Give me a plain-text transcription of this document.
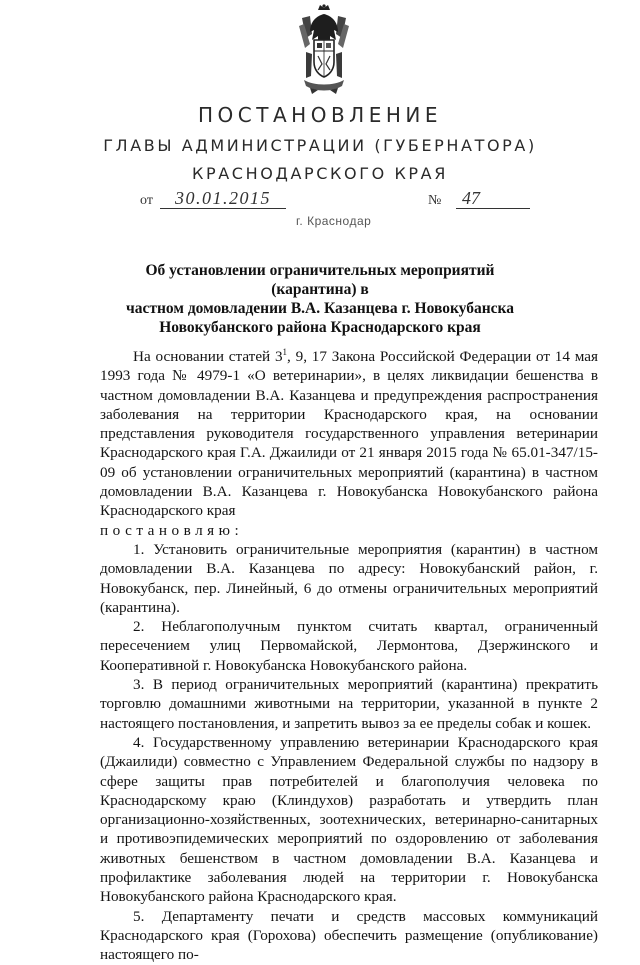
ПОСТАНОВЛЕНИЕ
ГЛАВЫ АДМИНИСТРАЦИИ (ГУБЕРНАТОРА)
КРАСНОДАРСКОГО КРАЯ
от	30.01.2015	№	47
г. Краснодар
Об установлении ограничительных мероприятий (карантина) в
частном домовладении В.А. Казанцева г. Новокубанска
Новокубанского района Краснодарского края

На основании статей $3^1$, 9, 17 Закона Российской Федерации от 14 мая 1993 года № 4979-1 «О ветеринарии», в целях ликвидации бешенства в частном домовладении В.А. Казанцева и предупреждения распространения заболевания на территории Краснодарского края, на основании представления руководителя государственного управления ветеринарии Краснодарского края Г.А. Джаилиди от 21 января 2015 года № 65.01-347/15-09 об установлении ограничительных мероприятий (карантина) в частном домовладении В.А. Казанцева г. Новокубанска Новокубанского района Краснодарского края

постановляю:

1. Установить ограничительные мероприятия (карантин) в частном домовладении В.А. Казанцева по адресу: Новокубанский район, г. Новокубанск, пер. Линейный, 6 до отмены ограничительных мероприятий (карантина).

2. Неблагополучным пунктом считать квартал, ограниченный пересечением улиц Первомайской, Лермонтова, Дзержинского и Кооперативной г. Новокубанска Новокубанского района.

3. В период ограничительных мероприятий (карантина) прекратить торговлю домашними животными на территории, указанной в пункте 2 настоящего постановления, и запретить вывоз за ее пределы собак и кошек.

4. Государственному управлению ветеринарии Краснодарского края (Джаилиди) совместно с Управлением Федеральной службы по надзору в сфере защиты прав потребителей и благополучия человека по Краснодарскому краю (Клиндухов) разработать и утвердить план организационно-хозяйственных, зоотехнических, ветеринарно-санитарных и противоэпидемических мероприятий по оздоровлению от заболевания животных бешенством в частном домовладении В.А. Казанцева и профилактике заболевания людей на территории г. Новокубанска Новокубанского района Краснодарского края.

5. Департаменту печати и средств массовых коммуникаций Краснодарского края (Горохова) обеспечить размещение (опубликование) настоящего по-
